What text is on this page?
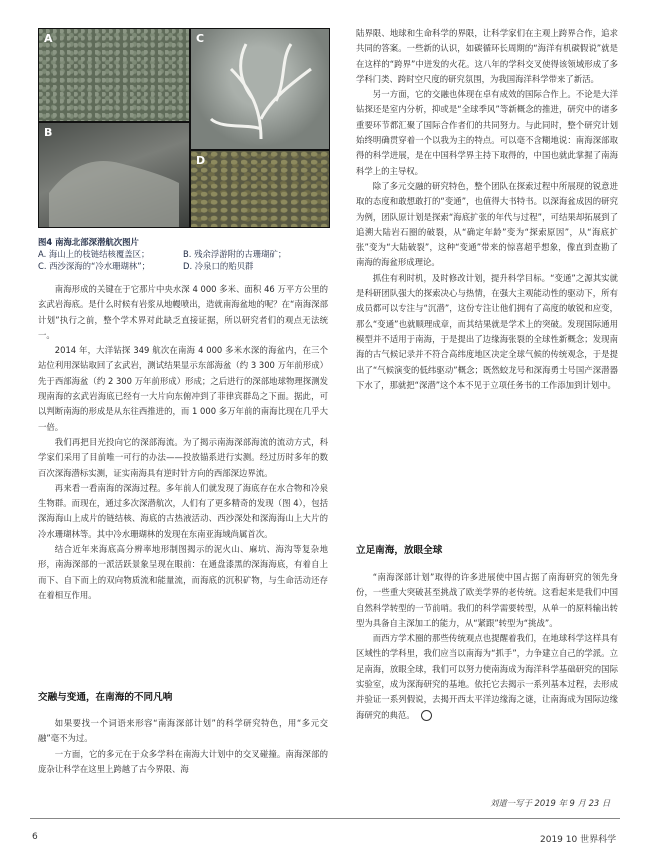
A
B
C
D
图4 南海北部深潜航次图片
A. 海山上的枝链结核覆盖区；	B. 残余浮游附的古珊瑚矿；
C. 西沙深海的“冷水珊瑚林”；	D. 冷泉口的贻贝群

南海形成的关键在于它那片中央水深 4 000 多米、面积 46 万平方公里的玄武岩海底。是什么时候有岩浆从地幔喷出，造就南海盆地的呢？在“南海深部计划”执行之前，整个学术界对此缺乏直接证据，所以研究者们的观点无法统一。

2014 年，大洋钻探 349 航次在南海 4 000 多米水深的海盆内，在三个站位利用深钻取回了玄武岩，测试结果显示东部海盆（约 3 300 万年前形成）先于西部海盆（约 2 300 万年前形成）形成；之后进行的深部地球物理探测发现南海的玄武岩海底已经有一大片向东俯冲到了菲律宾群岛之下面。据此，可以判断南海的形成是从东往西推进的，而 1 000 多万年前的南海比现在几乎大一倍。

我们再把目光投向它的深部海流。为了揭示南海深部海流的流动方式，科学家们采用了目前唯一可行的办法——投放锚系进行实测。经过历时多年的数百次深海潜标实测，证实南海具有逆时针方向的西部深边界流。

再来看一看南海的深海过程。多年前人们就发现了海底存在水合物和冷泉生物群。而现在，通过多次深潜航次，人们有了更多精奇的发现（图 4），包括深海海山上成片的链结核、海底的古热液活动、西沙深处和深海海山上大片的冷水珊瑚林等。其中冷水珊瑚林的发现在东南亚海域尚属首次。

结合近年来海底高分辨率地形制图揭示的泥火山、麻坑、海沟等复杂地形，南海深部的一派活跃景象呈现在眼前：在通盘漆黑的深海海底，有着自上而下、自下而上的双向物质流和能量流，而海底的沉积矿物，与生命活动还存在着相互作用。

交融与变通，在南海的不同凡响

如果要找一个词语来形容“南海深部计划”的科学研究特色，用“多元交融”毫不为过。

一方面，它的多元在于众多学科在南海大计划中的交叉碰撞。南海深部的庞杂让科学在这里上跨越了古今界限、海

陆界限、地球和生命科学的界限，让科学家们在主观上跨界合作，追求共同的答案。一些新的认识，如碳循环长周期的“海洋有机碳假说”就是在这样的“跨界”中迸发的火花。这八年的学科交叉使得该领域形成了多学科门类、跨时空尺度的研究氛围，为我国海洋科学带来了新活。

另一方面，它的交融也体现在卓有成效的国际合作上。不论是大洋钻探还是室内分析，抑或是“全球季风”等新概念的推进，研究中的诸多重要环节都汇聚了国际合作者们的共同努力。与此同时，整个研究计划始终明确贯穿着一个以我为主的特点。可以毫不含糊地说：南海深部取得的科学进展，是在中国科学界主持下取得的，中国也就此掌握了南海科学上的主导权。

除了多元交融的研究特色，整个团队在探索过程中所展现的锐意进取的态度和敢想敢打的“变通”，也值得大书特书。以深海盆成因的研究为例，团队原计划是探索“海底扩张的年代与过程”，可结果却拓展到了追溯大陆岩石圈的破裂，从“确定年龄”变为“探索原因”，从“海底扩张”变为“大陆破裂”，这种“变通”带来的惊喜超乎想象，像直到查勘了南海的海盆形成理论。

抓住有利时机，及时修改计划，提升科学目标。“变通”之源其实就是科研团队强大的探索决心与热情，在强大主观能动性的驱动下，所有成员都可以专注与“沉潜”，这份专注让他们拥有了高度的敏锐和应变，那么“变通”也就顺理成章，而其结果就是学术上的突破。发现国际通用模型并不适用于南海，于是提出了边缘海张裂的全球性新概念；发现南海的古气候记录并不符合高纬度地区决定全球气候的传统观念，于是提出了“气候演变的低纬驱动”概念；既然蛟龙号和深海勇士号国产深潜器下水了，那就把“深潜”这个本不见于立项任务书的工作添加到计划中。

立足南海，放眼全球

“南海深部计划”取得的许多进展使中国占据了南海研究的领先身份，一些重大突破甚至挑战了欧美学界的老传统。这看起来是我们中国自然科学转型的一节前哨。我们的科学需要转型，从单一的原料输出转型为具备自主深加工的能力，从“紧跟”转型为“挑战”。

而西方学术圈的那些传统观点也提醒着我们，在地球科学这样具有区域性的学科里，我们应当以南海为“抓手”，力争建立自己的学派。立足南海，放眼全球，我们可以努力使南海成为海洋科学基础研究的国际实验室，成为深海研究的基地。依托它去揭示一系列基本过程，去形成并验证一系列假说，去揭开西太平洋边缘海之谜，让南海成为国际边缘海研究的典范。

刘道一写于 2019 年 9 月 23 日
6	2019 10 世界科学
